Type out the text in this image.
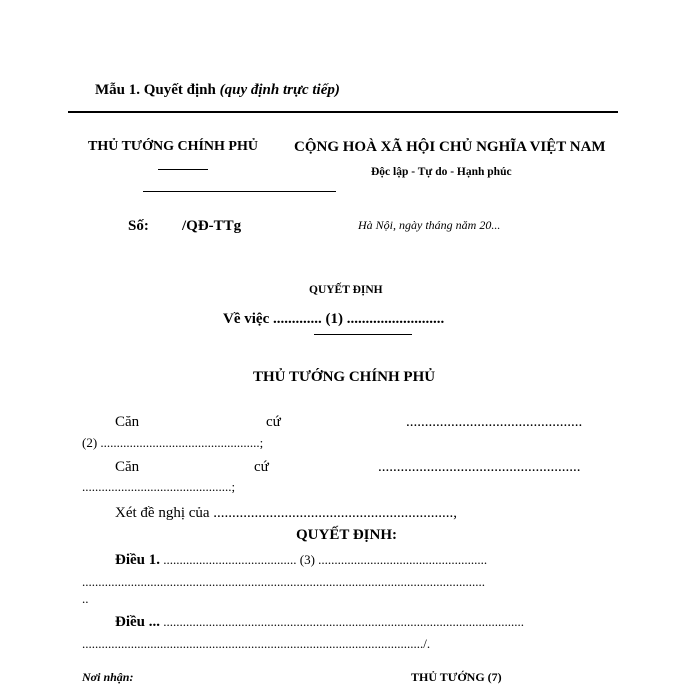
Mẫu 1. Quyết định (quy định trực tiếp)
THỦ TƯỚNG CHÍNH PHỦ CỘNG HOÀ XÃ HỘI CHỦ NGHĨA VIỆT NAM
Độc lập - Tự do - Hạnh phúc
Số: /QĐ-TTg	Hà Nội, ngày tháng năm 20...
QUYẾT ĐỊNH
Về việc ............. (1) ..........................
THỦ TƯỚNG CHÍNH PHỦ
Căn	cứ	...............................................
(2) .................................................;
Căn	cứ	......................................................
..............................................;
Xét đề nghị của ................................................................,
QUYẾT ĐỊNH:
Điều 1. ......................................... (3) ....................................................
............................................................................................................................
..
Điều ... ...............................................................................................................
........................................................................................................./.
Nơi nhận:	THỦ TƯỚNG (7)
